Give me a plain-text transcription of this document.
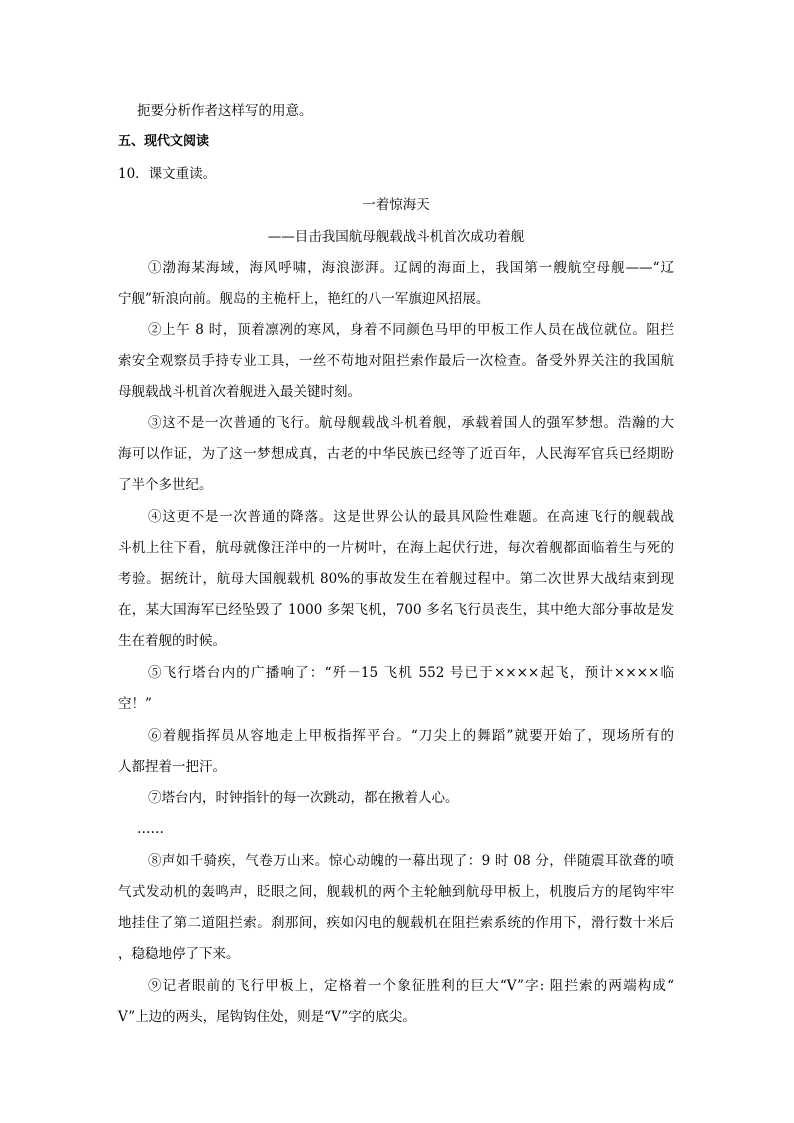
扼要分析作者这样写的用意。
五、现代文阅读
10．课文重读。
一着惊海天
——目击我国航母舰载战斗机首次成功着舰
①渤海某海域，海风呼啸，海浪澎湃。辽阔的海面上，我国第一艘航空母舰——“辽
宁舰”斩浪向前。舰岛的主桅杆上，艳红的八一军旗迎风招展。
②上午 8 时，顶着凛冽的寒风，身着不同颜色马甲的甲板工作人员在战位就位。阻拦
索安全观察员手持专业工具，一丝不苟地对阻拦索作最后一次检查。备受外界关注的我国航
母舰载战斗机首次着舰进入最关键时刻。
③这不是一次普通的飞行。航母舰载战斗机着舰，承载着国人的强军梦想。浩瀚的大
海可以作证，为了这一梦想成真，古老的中华民族已经等了近百年，人民海军官兵已经期盼
了半个多世纪。
④这更不是一次普通的降落。这是世界公认的最具风险性难题。在高速飞行的舰载战
斗机上往下看，航母就像汪洋中的一片树叶，在海上起伏行进，每次着舰都面临着生与死的
考验。据统计，航母大国舰载机 80%的事故发生在着舰过程中。第二次世界大战结束到现
在，某大国海军已经坠毁了 1000 多架飞机，700 多名飞行员丧生，其中绝大部分事故是发
生在着舰的时候。
⑤飞行塔台内的广播响了：“歼－15 飞机 552 号已于××××起飞，预计××××临
空！”
⑥着舰指挥员从容地走上甲板指挥平台。“刀尖上的舞蹈”就要开始了，现场所有的
人都捏着一把汗。
⑦塔台内，时钟指针的每一次跳动，都在揪着人心。
……
⑧声如千骑疾，气卷万山来。惊心动魄的一幕出现了：9 时 08 分，伴随震耳欲聋的喷
气式发动机的轰鸣声，眨眼之间，舰载机的两个主轮触到航母甲板上，机腹后方的尾钩牢牢
地挂住了第二道阻拦索。刹那间，疾如闪电的舰载机在阻拦索系统的作用下，滑行数十米后
，稳稳地停了下来。
⑨记者眼前的飞行甲板上，定格着一个象征胜利的巨大“V”字: 阻拦索的两端构成“
V”上边的两头，尾钩钩住处，则是“V”字的底尖。
